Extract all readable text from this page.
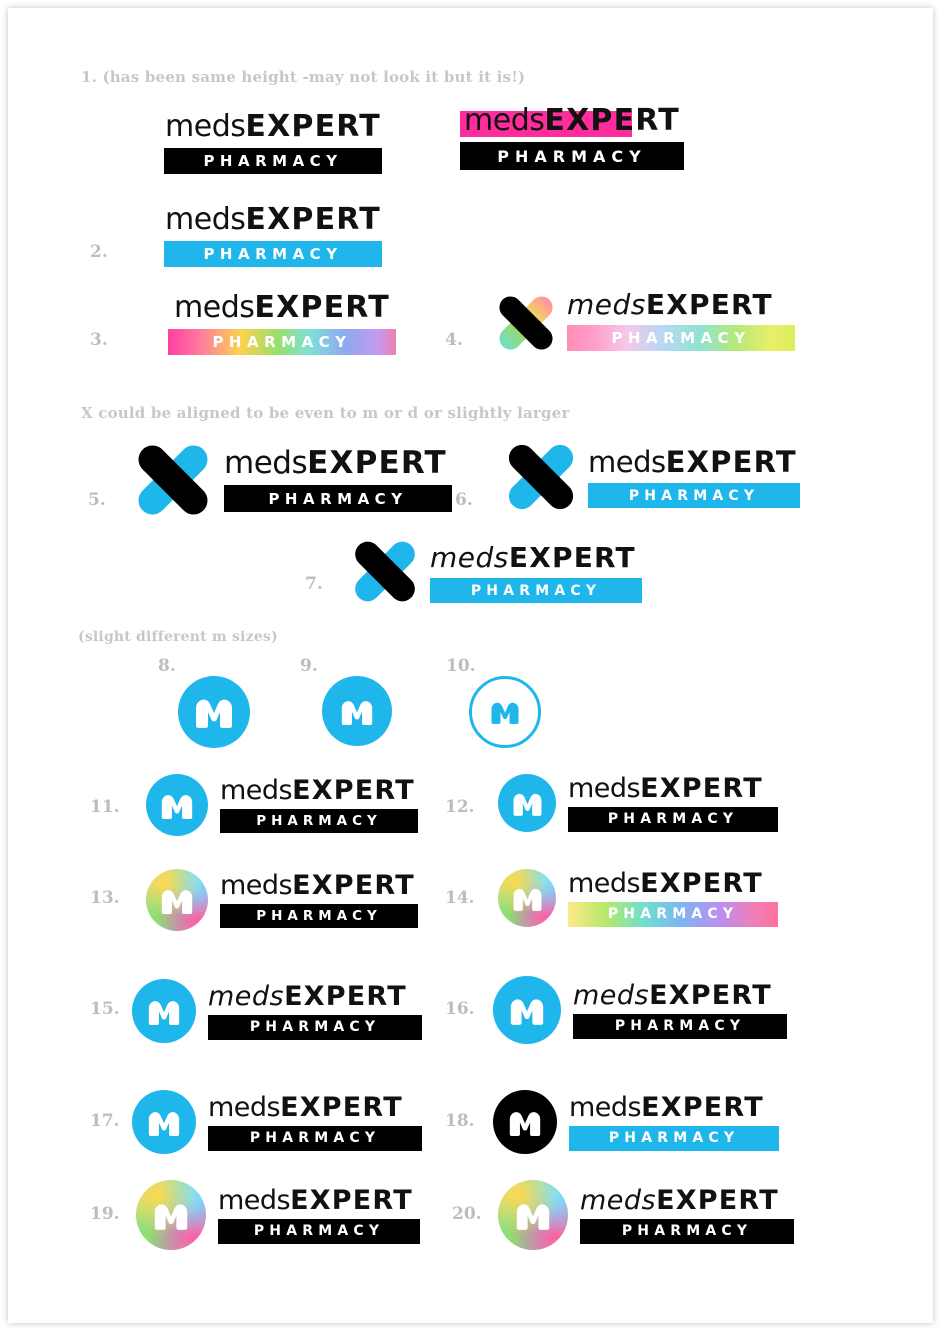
1. (has been same height -may not look it but it is!)
X could be aligned to be even to m or d or slightly larger
(slight different m sizes)
medsEXPERT
PHARMACY
medsEXPERT
PHARMACY
2.
medsEXPERT
PHARMACY
3.
medsEXPERT
PHARMACY	4.
medsEXPERT
PHARMACY
5.
medsEXPERT
PHARMACY	6.
medsEXPERT
PHARMACY
7.
medsEXPERT
PHARMACY
8.	9.	10.
11.
medsEXPERT
PHARMACY
12.
medsEXPERT
PHARMACY
13.	medsEXPERT
PHARMACY
14.	medsEXPERT
PHARMACY
15.	medsEXPERT
PHARMACY
16.	medsEXPERT
PHARMACY
17.	medsEXPERT
PHARMACY
18.	medsEXPERT
PHARMACY
19.	medsEXPERT
PHARMACY
20.	medsEXPERT
PHARMACY
